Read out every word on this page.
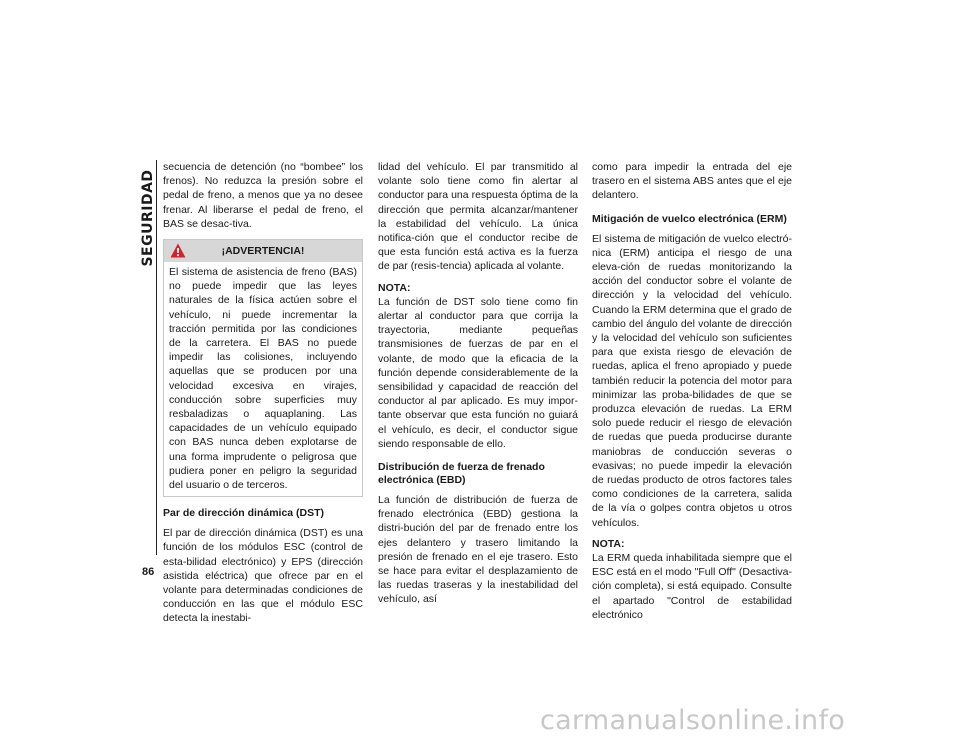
SEGURIDAD
86

secuencia de detención (no “bombee” los frenos). No reduzca la presión sobre el pedal de freno, a menos que ya no desee frenar. Al liberarse el pedal de freno, el BAS se desac-tiva.

¡ADVERTENCIA!
El sistema de asistencia de freno (BAS) no puede impedir que las leyes naturales de la física actúen sobre el vehículo, ni puede incrementar la tracción permitida por las condiciones de la carretera. El BAS no puede impedir las colisiones, incluyendo aquellas que se producen por una velocidad excesiva en virajes, conducción sobre superficies muy resbaladizas o aquaplaning. Las capacidades de un vehículo equipado con BAS nunca deben explotarse de una forma imprudente o peligrosa que pudiera poner en peligro la seguridad del usuario o de terceros.
Par de dirección dinámica (DST)

El par de dirección dinámica (DST) es una función de los módulos ESC (control de esta-bilidad electrónico) y EPS (dirección asistida eléctrica) que ofrece par en el volante para determinadas condiciones de conducción en las que el módulo ESC detecta la inestabi-

lidad del vehículo. El par transmitido al volante solo tiene como fin alertar al conductor para una respuesta óptima de la dirección que permita alcanzar/mantener la estabilidad del vehículo. La única notifica-ción que el conductor recibe de que esta función está activa es la fuerza de par (resis-tencia) aplicada al volante.

NOTA:

La función de DST solo tiene como fin alertar al conductor para que corrija la trayectoria, mediante pequeñas transmisiones de fuerzas de par en el volante, de modo que la eficacia de la función depende considerablemente de la sensibilidad y capacidad de reacción del conductor al par aplicado. Es muy impor-tante observar que esta función no guiará el vehículo, es decir, el conductor sigue siendo responsable de ello.

Distribución de fuerza de frenado electrónica (EBD)

La función de distribución de fuerza de frenado electrónica (EBD) gestiona la distri-bución del par de frenado entre los ejes delantero y trasero limitando la presión de frenado en el eje trasero. Esto se hace para evitar el desplazamiento de las ruedas traseras y la inestabilidad del vehículo, así

como para impedir la entrada del eje trasero en el sistema ABS antes que el eje delantero.

Mitigación de vuelco electrónica (ERM)

El sistema de mitigación de vuelco electró-nica (ERM) anticipa el riesgo de una eleva-ción de ruedas monitorizando la acción del conductor sobre el volante de dirección y la velocidad del vehículo. Cuando la ERM determina que el grado de cambio del ángulo del volante de dirección y la velocidad del vehículo son suficientes para que exista riesgo de elevación de ruedas, aplica el freno apropiado y puede también reducir la potencia del motor para minimizar las proba-bilidades de que se produzca elevación de ruedas. La ERM solo puede reducir el riesgo de elevación de ruedas que pueda producirse durante maniobras de conducción severas o evasivas; no puede impedir la elevación de ruedas producto de otros factores tales como condiciones de la carretera, salida de la vía o golpes contra objetos u otros vehículos.

NOTA:

La ERM queda inhabilitada siempre que el ESC está en el modo "Full Off" (Desactiva-ción completa), si está equipado. Consulte el apartado "Control de estabilidad electrónico

carmanualsonline.info
